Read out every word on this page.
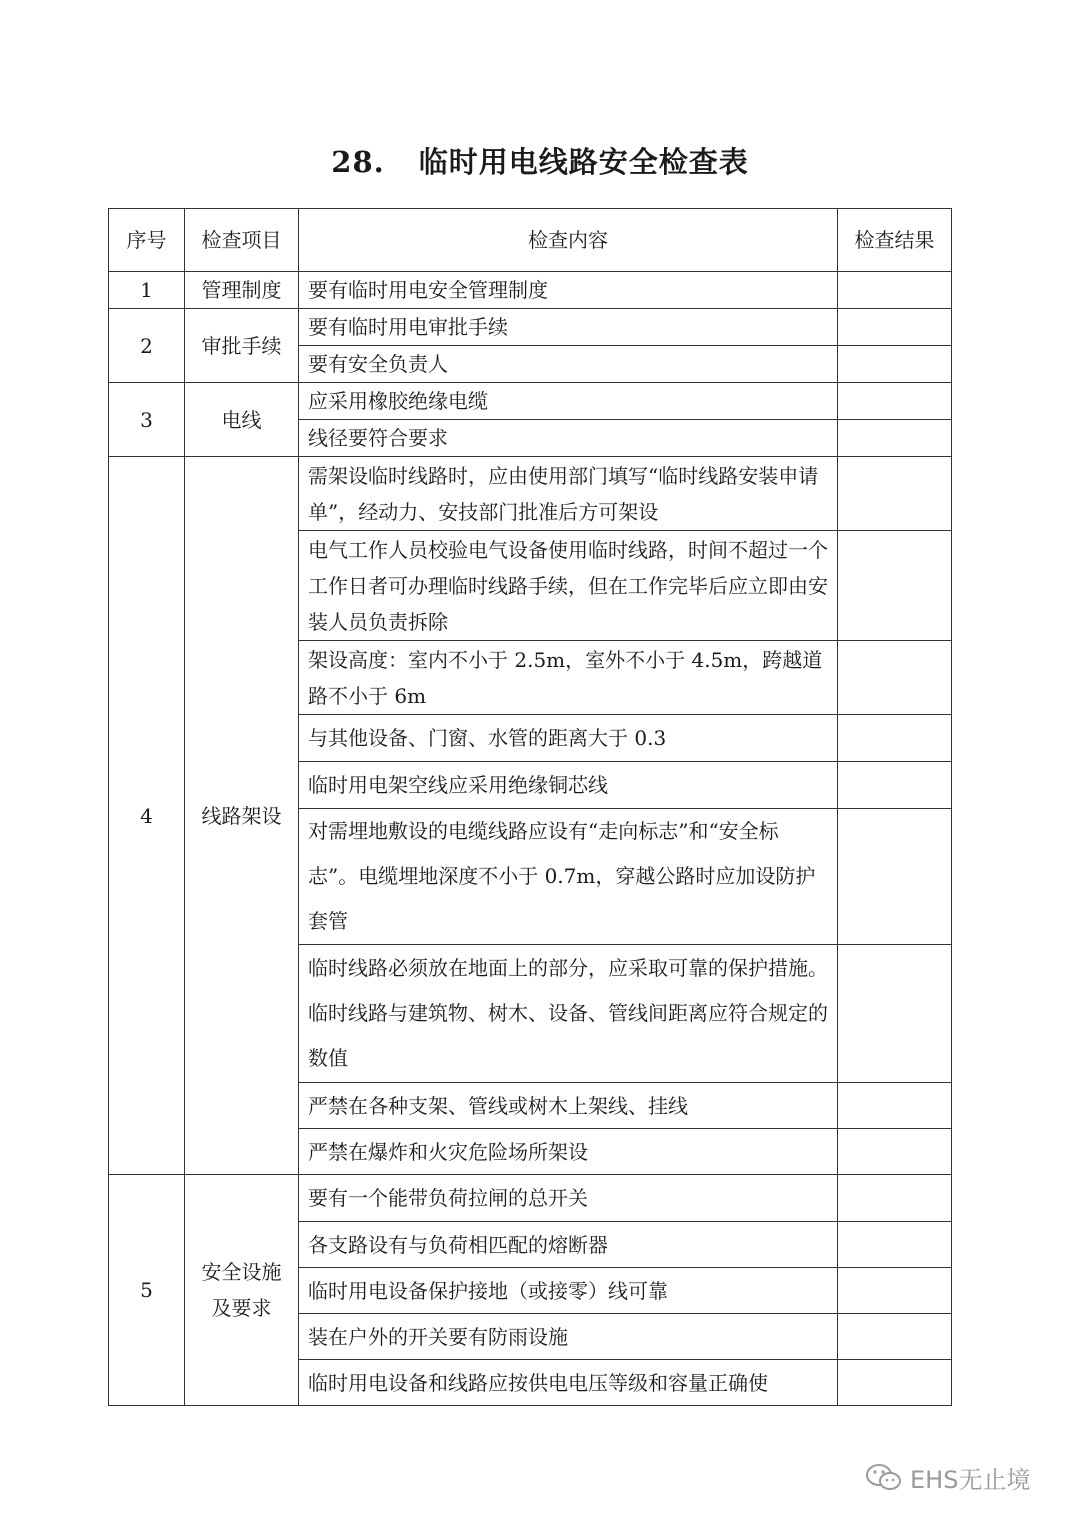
28. 临时用电线路安全检查表
序号	检查项目	检查内容	检查结果
1	管理制度	要有临时用电安全管理制度	
2	审批手续	要有临时用电审批手续	
		要有安全负责人	
3	电线	应采用橡胶绝缘电缆	
		线径要符合要求	
4	线路架设	需架设临时线路时，应由使用部门填写“临时线路安装申请单”，经动力、安技部门批准后方可架设	
		电气工作人员校验电气设备使用临时线路，时间不超过一个工作日者可办理临时线路手续，但在工作完毕后应立即由安装人员负责拆除	
		架设高度：室内不小于 2.5m，室外不小于 4.5m，跨越道路不小于 6m	
		与其他设备、门窗、水管的距离大于 0.3	
		临时用电架空线应采用绝缘铜芯线	
		对需埋地敷设的电缆线路应设有“走向标志”和“安全标志”。电缆埋地深度不小于 0.7m，穿越公路时应加设防护套管	
		临时线路必须放在地面上的部分，应采取可靠的保护措施。临时线路与建筑物、树木、设备、管线间距离应符合规定的数值	
		严禁在各种支架、管线或树木上架线、挂线	
		严禁在爆炸和火灾危险场所架设	
5	安全设施及要求	要有一个能带负荷拉闸的总开关	
		各支路设有与负荷相匹配的熔断器	
		临时用电设备保护接地（或接零）线可靠	
		装在户外的开关要有防雨设施	
		临时用电设备和线路应按供电电压等级和容量正确使	
EHS无止境
